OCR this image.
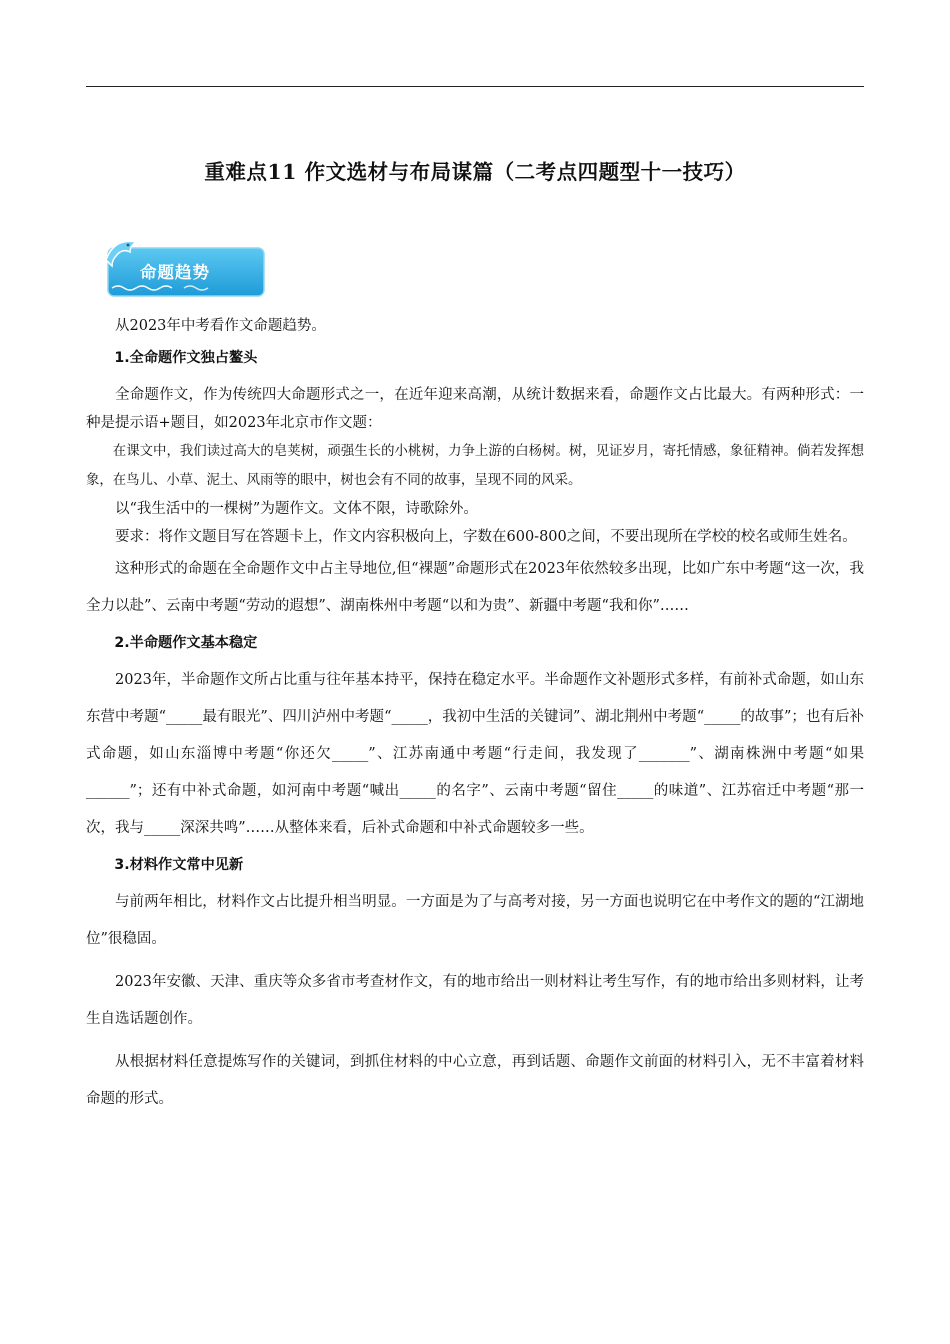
重难点11 作文选材与布局谋篇（二考点四题型十一技巧）
命题趋势

从2023年中考看作文命题趋势。

1.全命题作文独占鳌头

全命题作文，作为传统四大命题形式之一，在近年迎来高潮，从统计数据来看，命题作文占比最大。有两种形式：一种是提示语+题目，如2023年北京市作文题：

在课文中，我们读过高大的皂荚树，顽强生长的小桃树，力争上游的白杨树。树，见证岁月，寄托情感，象征精神。倘若发挥想象，在鸟儿、小草、泥土、风雨等的眼中，树也会有不同的故事，呈现不同的风采。

以“我生活中的一棵树”为题作文。文体不限，诗歌除外。

要求：将作文题目写在答题卡上，作文内容积极向上，字数在600-800之间，不要出现所在学校的校名或师生姓名。

这种形式的命题在全命题作文中占主导地位,但“裸题”命题形式在2023年依然较多出现，比如广东中考题“这一次，我全力以赴”、云南中考题“劳动的遐想”、湖南株州中考题“以和为贵”、新疆中考题“我和你”……

2.半命题作文基本稳定

2023年，半命题作文所占比重与往年基本持平，保持在稳定水平。半命题作文补题形式多样，有前补式命题，如山东东营中考题“_____最有眼光”、四川泸州中考题“_____，我初中生活的关键词”、湖北荆州中考题“_____的故事”；也有后补式命题，如山东淄博中考题“你还欠_____”、江苏南通中考题“行走间，我发现了_______”、湖南株洲中考题“如果______”；还有中补式命题，如河南中考题“喊出_____的名字”、云南中考题“留住_____的味道”、江苏宿迁中考题“那一次，我与_____深深共鸣”……从整体来看，后补式命题和中补式命题较多一些。

3.材料作文常中见新

与前两年相比，材料作文占比提升相当明显。一方面是为了与高考对接，另一方面也说明它在中考作文的题的“江湖地位”很稳固。

2023年安徽、天津、重庆等众多省市考查材作文，有的地市给出一则材料让考生写作，有的地市给出多则材料，让考生自选话题创作。

从根据材料任意提炼写作的关键词，到抓住材料的中心立意，再到话题、命题作文前面的材料引入，无不丰富着材料命题的形式。
